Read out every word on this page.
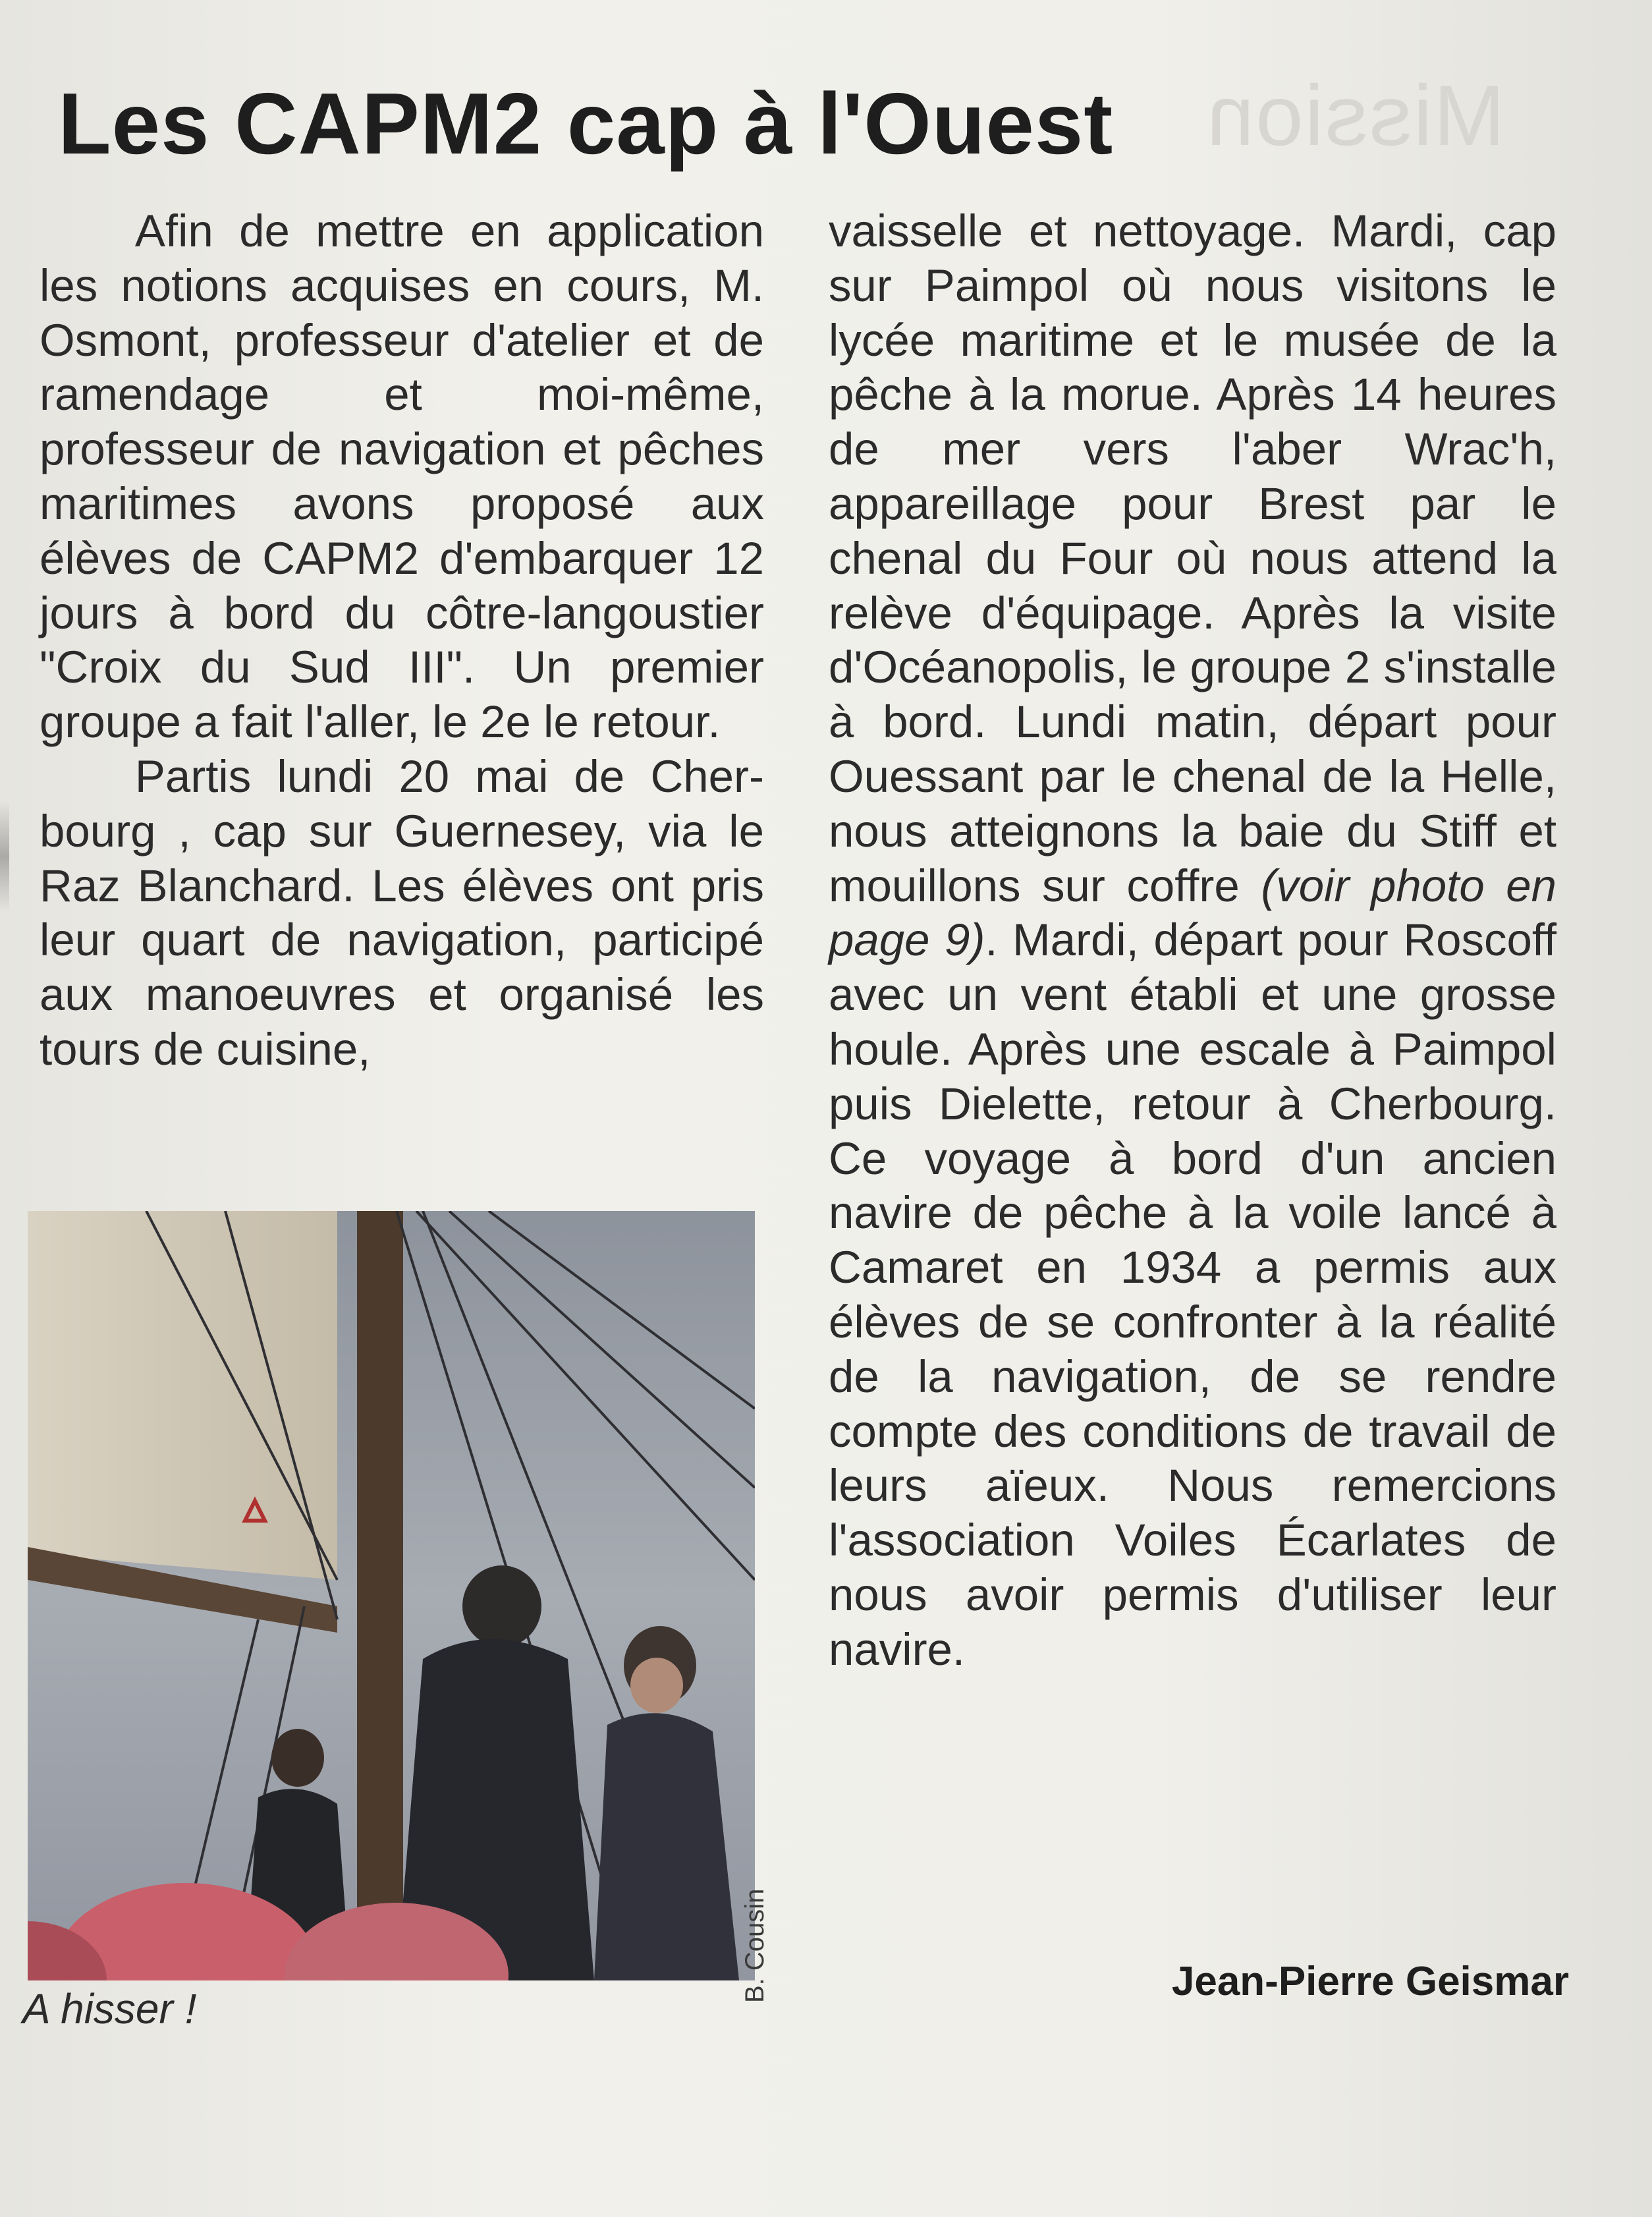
Mission
Les CAPM2 cap à l'Ouest

Afin de mettre en application les notions acquises en cours, M. Osmont, professeur d'atelier et de ramendage et moi-même, professeur de navigation et pêches maritimes avons proposé aux élèves de CAPM2 d'embarquer 12 jours à bord du côtre-langoustier "Croix du Sud III". Un premier groupe a fait l'aller, le 2e le retour.

Partis lundi 20 mai de Cherbourg , cap sur Guernesey, via le Raz Blanchard. Les élèves ont pris leur quart de navigation, participé aux manoeuvres et organisé les tours de cuisine,

vaisselle et nettoyage. Mardi, cap sur Paimpol où nous visitons le lycée maritime et le musée de la pêche à la morue. Après 14 heures de mer vers l'aber Wrac'h, appareillage pour Brest par le chenal du Four où nous attend la relève d'équipage. Après la visite d'Océanopolis, le groupe 2 s'installe à bord. Lundi matin, départ pour Ouessant par le chenal de la Helle, nous atteignons la baie du Stiff et mouillons sur coffre (voir photo en page 9). Mardi, départ pour Roscoff avec un vent établi et une grosse houle. Après une escale à Paimpol puis Dielette, retour à Cherbourg. Ce voyage à bord d'un ancien navire de pêche à la voile lancé à Camaret en 1934 a permis aux élèves de se confronter à la réalité de la navigation, de se rendre compte des conditions de travail de leurs aïeux. Nous remercions l'association Voiles Écarlates de nous avoir permis d'utiliser leur navire.

B. Cousin
A hisser !
Jean-Pierre Geismar
